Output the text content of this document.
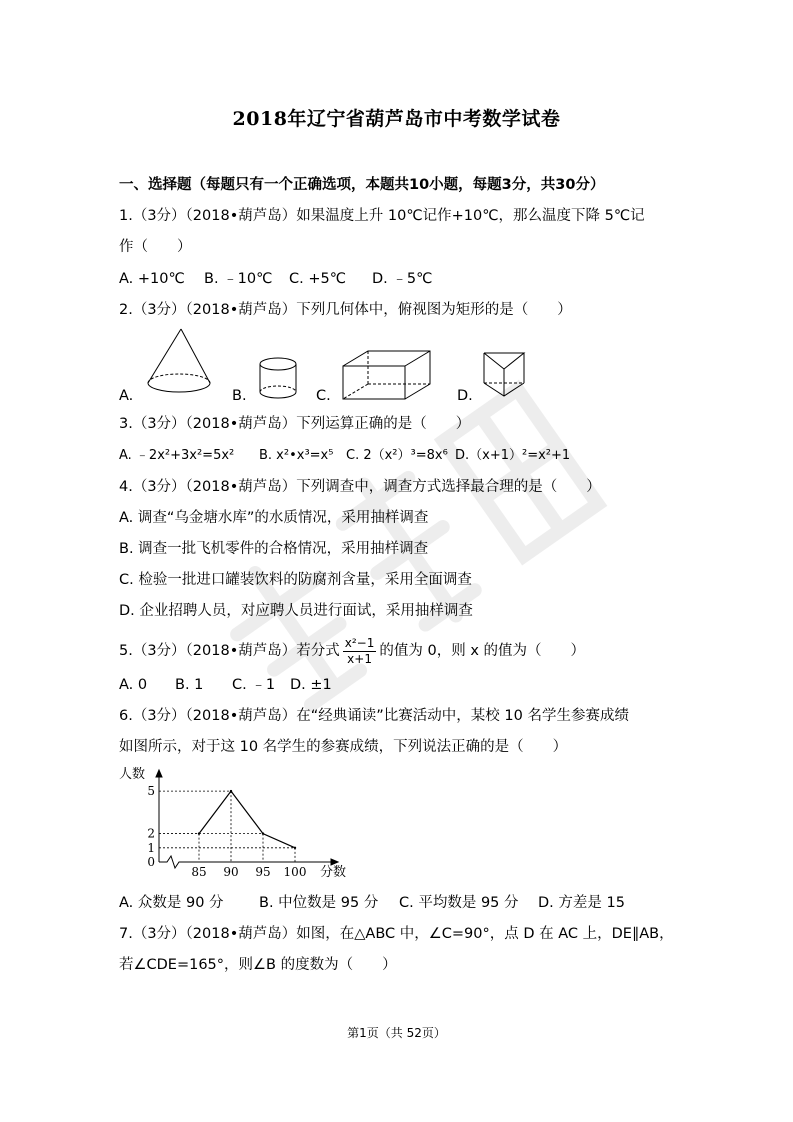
2018年辽宁省葫芦岛市中考数学试卷
一、选择题（每题只有一个正确选项，本题共10小题，每题3分，共30分）
1.（3分）（2018•葫芦岛）如果温度上升 10℃记作+10℃，那么温度下降 5℃记
作（　　）
A. +10℃ B. ﹣10℃ C. +5℃ D. ﹣5℃
2.（3分）（2018•葫芦岛）下列几何体中，俯视图为矩形的是（　　）
A.	B.	C.	D.
3.（3分）（2018•葫芦岛）下列运算正确的是（　　）
A. ﹣2x²+3x²=5x² B. x²•x³=x⁵ C. 2（x²）³=8x⁶ D.（x+1）²=x²+1
4.（3分）（2018•葫芦岛）下列调查中，调查方式选择最合理的是（　　）
A. 调查“乌金塘水库”的水质情况，采用抽样调查
B. 调查一批飞机零件的合格情况，采用抽样调查
C. 检验一批进口罐装饮料的防腐剂含量，采用全面调查
D. 企业招聘人员，对应聘人员进行面试，采用抽样调查
5.（3分）（2018•葫芦岛）若分式 $\frac{\text{x²−1}}{x+1}$ 的值为 0，则 x 的值为（　　）
A. 0 B. 1 C. ﹣1 D. ±1
6.（3分）（2018•葫芦岛）在“经典诵读”比赛活动中，某校 10 名学生参赛成绩
如图所示，对于这 10 名学生的参赛成绩，下列说法正确的是（　　）
人数
分数
85 90 95 100
0
1
2
5
A. 众数是 90 分 B. 中位数是 95 分 C. 平均数是 95 分 D. 方差是 15
7.（3分）（2018•葫芦岛）如图，在△ABC 中，∠C=90°，点 D 在 AC 上，DE∥AB，
若∠CDE=165°，则∠B 的度数为（　　）
第1页（共 52页）
